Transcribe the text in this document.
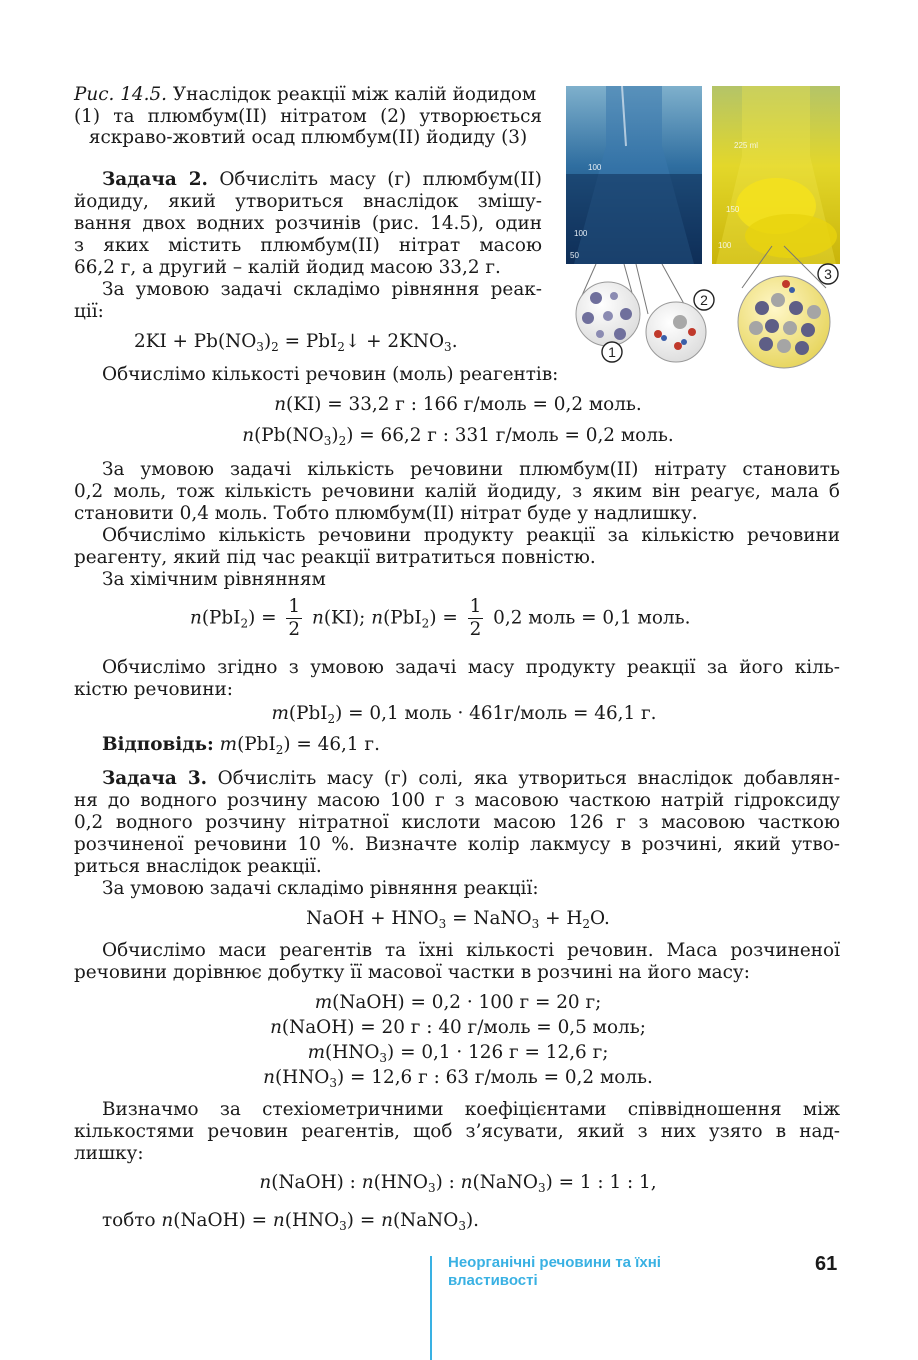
Рис. 14.5. Унаслідок реакції між калій йодидом
(1) та плюмбум(II) нітратом (2) утворюється
яскраво-жовтий осад плюмбум(II) йодиду (3)
100
100
50
225 ml
150
100
1
2
3
Задача 2. Обчисліть масу (г) плюмбум(II)
йодиду, який утвориться внаслідок змішу-
вання двох водних розчинів (рис. 14.5), один
з яких містить плюмбум(II) нітрат масою
66,2 г, а другий – калій йодид масою 33,2 г.
За умовою задачі складімо рівняння реак-
ції:
$2KI + Pb(NO_3)_2$ = PbI$_2$↓ + $2KNO_3$.
Обчислімо кількості речовин (моль) реагентів:
n(KI) = 33,2 г : 166 г/моль = 0,2 моль.
$n(Pb(NO_3)_2) = 66,2$ г : 331 г/моль = 0,2 моль.
За умовою задачі кількість речовини плюмбум(II) нітрату становить
0,2 моль, тож кількість речовини калій йодиду, з яким він реагує, мала б
становити 0,4 моль. Тобто плюмбум(II) нітрат буде у надлишку.
Обчислімо кількість речовини продукту реакції за кількістю речовини
реагенту, який під час реакції витратиться повністю.
За хімічним рівнянням
$n(PbI_2) = \frac{1}{2} n(KI)$; $n(PbI_2) = \frac{1}{2} 0,2$ моль = 0,1 моль.
Обчислімо згідно з умовою задачі масу продукту реакції за його кіль-
кістю речовини:
m(PbI$_2$) = 0,1 моль · 461г/моль = 46,1 г.
Відповідь: m(PbI$_2$) = 46,1 г.
Задача 3. Обчисліть масу (г) солі, яка утвориться внаслідок добавлян-
ня до водного розчину масою 100 г з масовою часткою натрій гідроксиду
0,2 водного розчину нітратної кислоти масою 126 г з масовою часткою
розчиненої речовини 10 %. Визначте колір лакмусу в розчині, який утво-
риться внаслідок реакції.
За умовою задачі складімо рівняння реакції:
NaOH + $HNO_3$ = NaNO$_3$ + $H_2O$.
Обчислімо маси реагентів та їхні кількості речовин. Маса розчиненої
речовини дорівнює добутку її масової частки в розчині на його масу:
m(NaOH) = 0,2 · 100 г = 20 г;
n(NaOH) = 20 г : 40 г/моль = 0,5 моль;
$m(HNO_3) = 0,1 \cdot 126$ г = 12,6 г;
$n(HNO_3) = 12,6$ г : 63 г/моль = 0,2 моль.
Визначмо за стехіометричними коефіцієнтами співвідношення між
кількостями речовин реагентів, щоб з’ясувати, який з них узято в над-
лишку:
n(NaOH) : $n(HNO_3)$ : n(NaNO$_3$) = 1 : 1 : 1,
тобто n(NaOH) = $n(HNO_3)$ = n(NaNO$_3$).
Неорганічні речовини та їхні властивості
61
